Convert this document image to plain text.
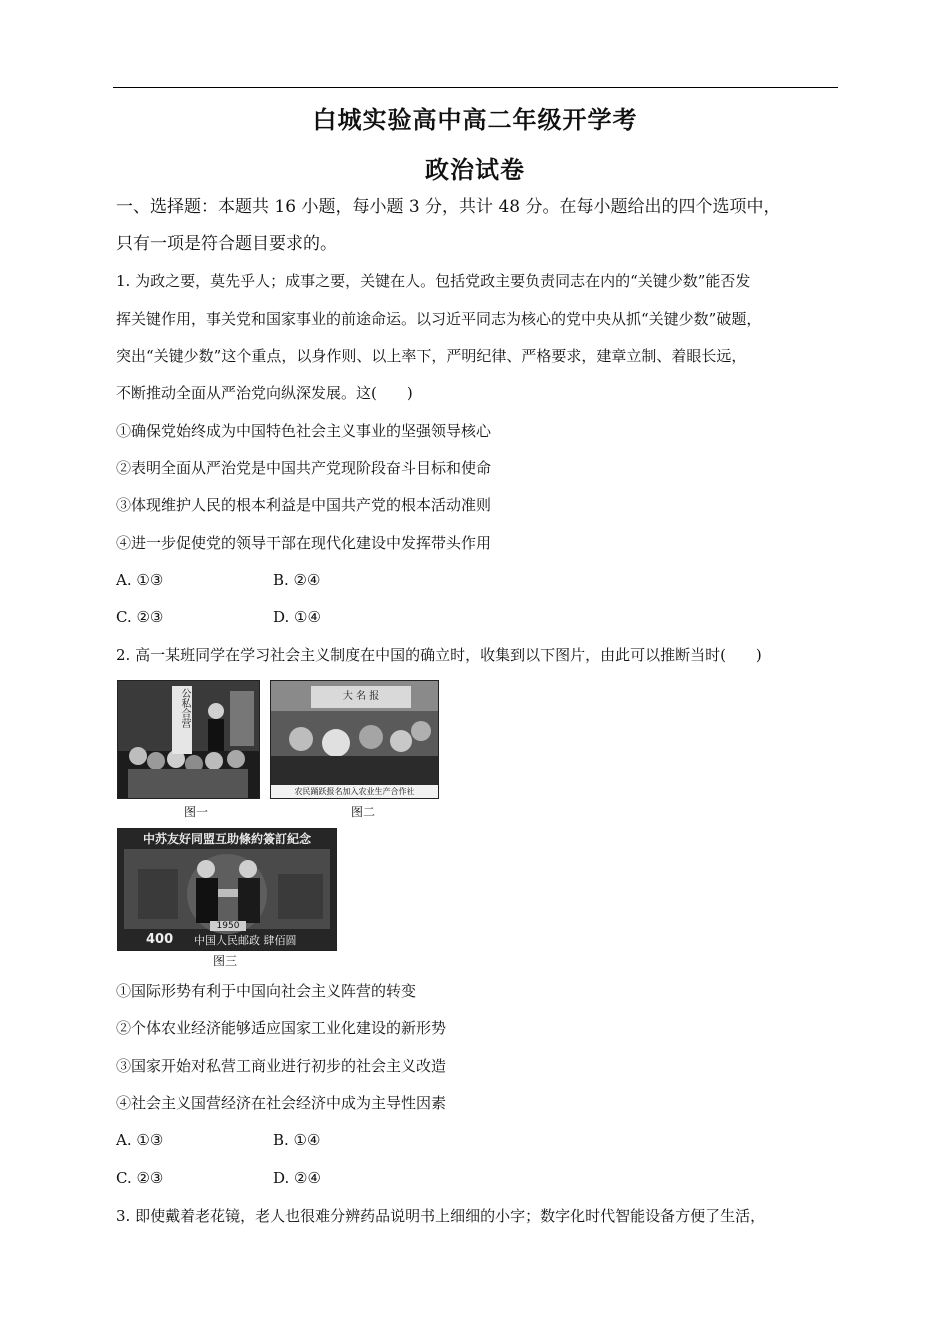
白城实验高中高二年级开学考
政治试卷
一、选择题：本题共 16 小题，每小题 3 分，共计 48 分。在每小题给出的四个选项中，
只有一项是符合题目要求的。
1. 为政之要，莫先乎人；成事之要，关键在人。包括党政主要负责同志在内的“关键少数”能否发
挥关键作用，事关党和国家事业的前途命运。以习近平同志为核心的党中央从抓“关键少数”破题，
突出“关键少数”这个重点，以身作则、以上率下，严明纪律、严格要求，建章立制、着眼长远，
不断推动全面从严治党向纵深发展。这(　　)
①确保党始终成为中国特色社会主义事业的坚强领导核心
②表明全面从严治党是中国共产党现阶段奋斗目标和使命
③体现维护人民的根本利益是中国共产党的根本活动准则
④进一步促使党的领导干部在现代化建设中发挥带头作用
A. ①③	B. ②④
C. ②③	D. ①④
2. 高一某班同学在学习社会主义制度在中国的确立时，收集到以下图片，由此可以推断当时(　　)
公私合营
图一
大 名 报
农民踊跃报名加入农业生产合作社
图二
中苏友好同盟互助條約簽訂紀念
1950
400 中国人民邮政 肆佰圆
图三
①国际形势有利于中国向社会主义阵营的转变
②个体农业经济能够适应国家工业化建设的新形势
③国家开始对私营工商业进行初步的社会主义改造
④社会主义国营经济在社会经济中成为主导性因素
A. ①③	B. ①④
C. ②③	D. ②④
3. 即使戴着老花镜，老人也很难分辨药品说明书上细细的小字；数字化时代智能设备方便了生活，
